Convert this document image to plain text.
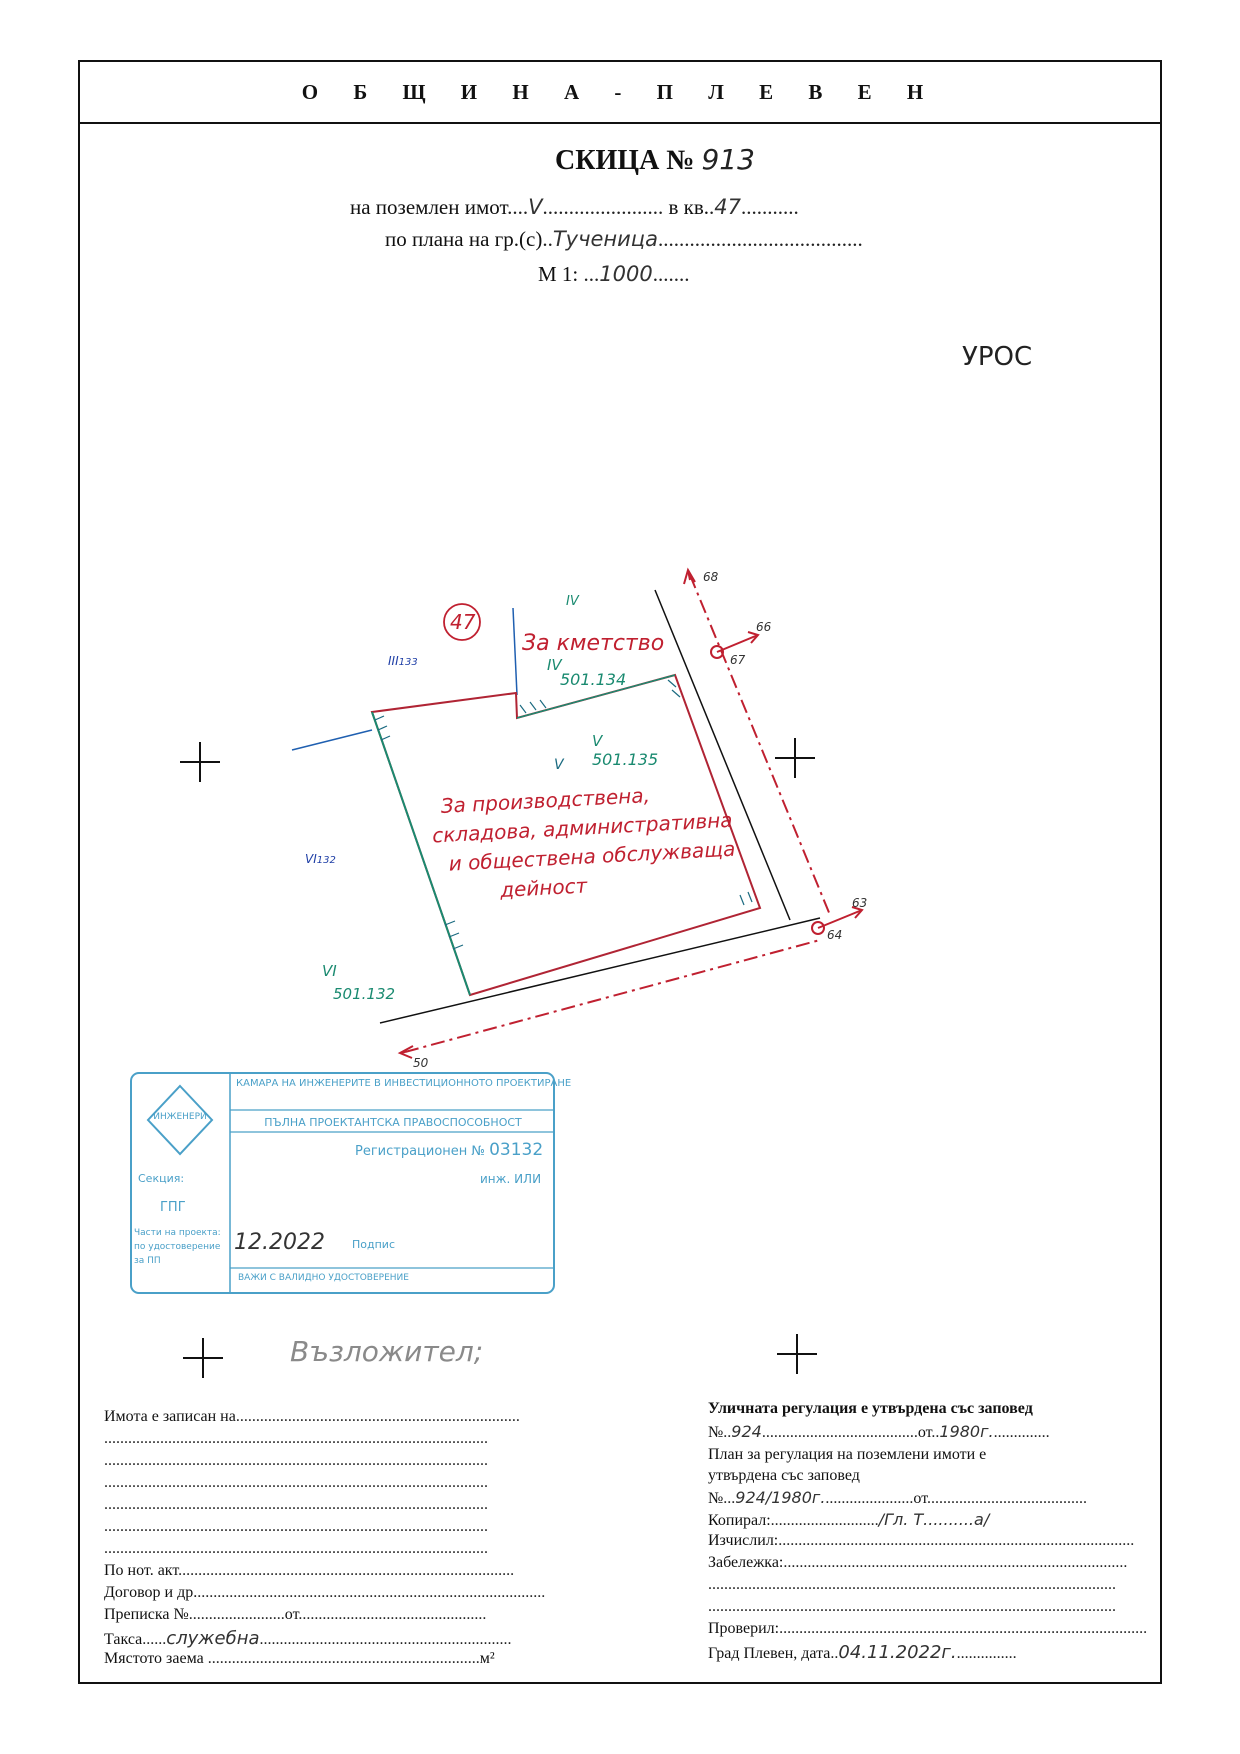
О Б Щ И Н А - П Л Е В Е Н
СКИЦА № 913
на поземлен имот....V....................... в кв..47...........
по плана на гр.(с)..Тученица.......................................
М 1: ...1000.......
УРОС
47
IV
За кметство
IV
501.134
V
501.135
V
За производствена,
складова, административна
и обществена обслужваща
дейност
III133
VI132
VI
501.132
68
66
67
63
64
50
КАМАРА НА ИНЖЕНЕРИТЕ В ИНВЕСТИЦИОННОТО ПРОЕКТИРАНЕ
ПЪЛНА ПРОЕКТАНТСКА ПРАВОСПОСОБНОСТ
ИНЖЕНЕРИ
Регистрационен № 03132
Секция:
ГПГ
инж. ИЛИ
Части на проекта:
по удостоверение
за ПП
12.2022 Подпис
ВАЖИ С ВАЛИДНО УДОСТОВЕРЕНИЕ
Възложител;
Имота е записан на.......................................................................
................................................................................................
................................................................................................
................................................................................................
................................................................................................
................................................................................................
................................................................................................
По нот. акт....................................................................................
Договор и др........................................................................................
Преписка №........................от...............................................
Такса......служебна...............................................................
Мястото заема ....................................................................м²
Уличната регулация е утвърдена със заповед
№..924.......................................от..1980г...............
План за регулация на поземлени имоти е
утвърдена със заповед
№...924/1980г.......................от........................................
Копирал:.........................../Гл. Т..........а/
Изчислил:.........................................................................................
Забележка:......................................................................................
......................................................................................................
......................................................................................................
Проверил:............................................................................................
Град Плевен, дата..04.11.2022г................
